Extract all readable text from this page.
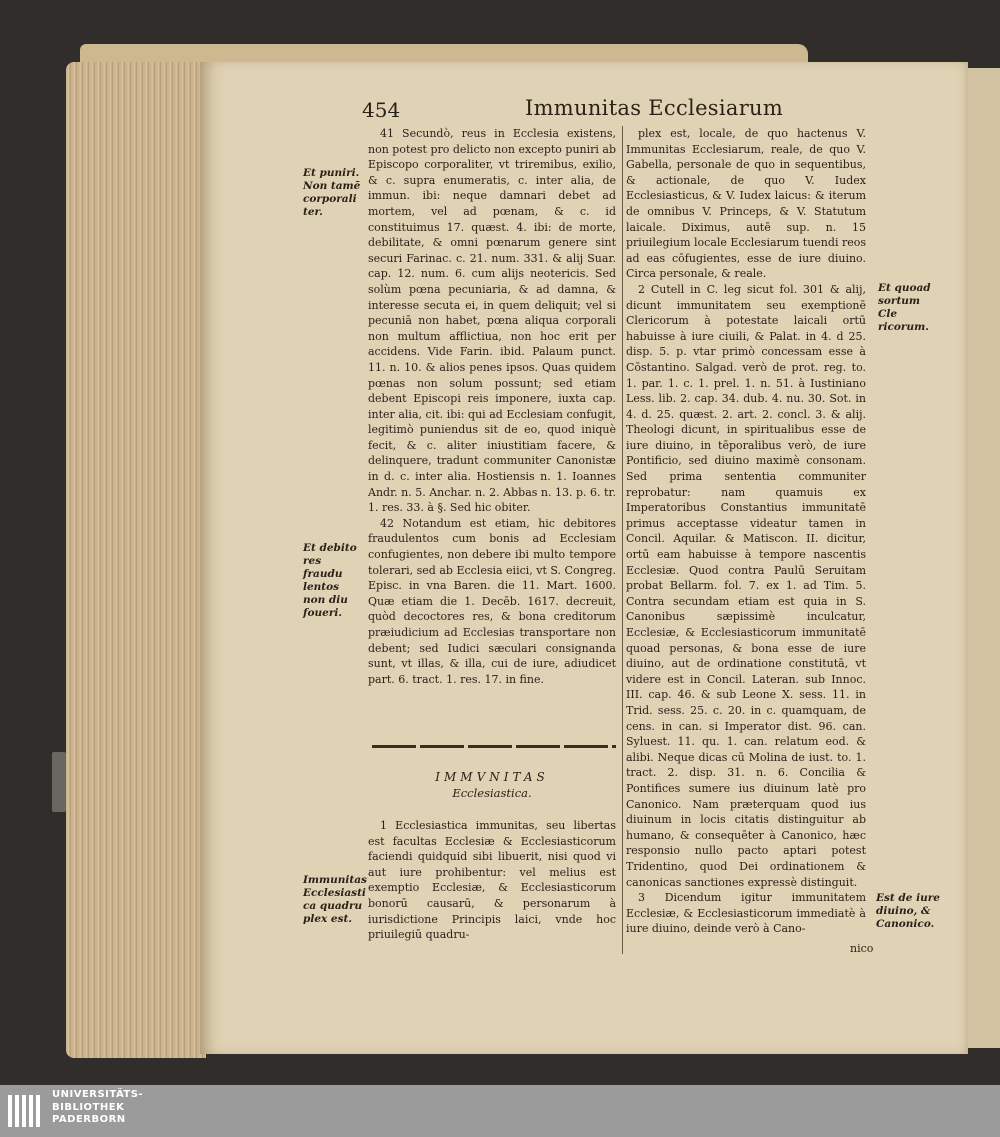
454	Immunitas Ecclesiarum
Et puniri. Non tamē corporali ter.
Et debito res fraudu lentos non diu foueri.
Immunitas Ecclesiasti ca quadru plex est.
Et quoad sortum Cle ricorum.
Est de iure diuino, & Canonico.

41 Secundò, reus in Ecclesia existens, non potest pro delicto non excepto puniri ab Episcopo corporaliter, vt triremibus, exilio, & c. supra enumeratis, c. inter alia, de immun. ibi: neque damnari debet ad mortem, vel ad pœnam, & c. id constituimus 17. quæst. 4. ibi: de morte, debilitate, & omni pœnarum genere sint securi Farinac. c. 21. num. 331. & alij Suar. cap. 12. num. 6. cum alijs neotericis. Sed solùm pœna pecuniaria, & ad damna, & interesse secuta ei, in quem deliquit; vel si pecuniā non habet, pœna aliqua corporali non multum afflictiua, non hoc erit per accidens. Vide Farin. ibid. Palaum punct. 11. n. 10. & alios penes ipsos. Quas quidem pœnas non solum possunt; sed etiam debent Episcopi reis imponere, iuxta cap. inter alia, cit. ibi: qui ad Ecclesiam confugit, legitimò puniendus sit de eo, quod iniquè fecit, & c. aliter iniustitiam facere, & delinquere, tradunt communiter Canonistæ in d. c. inter alia. Hostiensis n. 1. Ioannes Andr. n. 5. Anchar. n. 2. Abbas n. 13. p. 6. tr. 1. res. 33. à §. Sed hic obiter.

42 Notandum est etiam, hic debitores fraudulentos cum bonis ad Ecclesiam confugientes, non debere ibi multo tempore tolerari, sed ab Ecclesia eiici, vt S. Congreg. Episc. in vna Baren. die 11. Mart. 1600. Quæ etiam die 1. Decēb. 1617. decreuit, quòd decoctores res, & bona creditorum præiudicium ad Ecclesias transportare non debent; sed Iudici sæculari consignanda sunt, vt illas, & illa, cui de iure, adiudicet part. 6. tract. 1. res. 17. in fine.

IMMVNITAS
Ecclesiastica.

1 Ecclesiastica immunitas, seu libertas est facultas Ecclesiæ & Ecclesiasticorum faciendi quidquid sibi libuerit, nisi quod vi aut iure prohibentur: vel melius est exemptio Ecclesiæ, & Ecclesiasticorum bonorū causarū, & personarum à iurisdictione Principis laici, vnde hoc priuilegiū quadru-

plex est, locale, de quo hactenus V. Immunitas Ecclesiarum, reale, de quo V. Gabella, personale de quo in sequentibus, & actionale, de quo V. Iudex Ecclesiasticus, & V. Iudex laicus: & iterum de omnibus V. Princeps, & V. Statutum laicale. Diximus, autē sup. n. 15 priuilegium locale Ecclesiarum tuendi reos ad eas cōfugientes, esse de iure diuino. Circa personale, & reale.

2 Cutell in C. leg sicut fol. 301 & alij, dicunt immunitatem seu exemptionē Clericorum à potestate laicali ortū habuisse à iure ciuili, & Palat. in 4. d 25. disp. 5. p. vtar primò concessam esse à Cōstantino. Salgad. verò de prot. reg. to. 1. par. 1. c. 1. prel. 1. n. 51. à Iustiniano Less. lib. 2. cap. 34. dub. 4. nu. 30. Sot. in 4. d. 25. quæst. 2. art. 2. concl. 3. & alij. Theologi dicunt, in spiritualibus esse de iure diuino, in tēporalibus verò, de iure Pontificio, sed diuino maximè consonam. Sed prima sententia communiter reprobatur: nam quamuis ex Imperatoribus Constantius immunitatē primus acceptasse videatur tamen in Concil. Aquilar. & Matiscon. II. dicitur, ortū eam habuisse à tempore nascentis Ecclesiæ. Quod contra Paulū Seruitam probat Bellarm. fol. 7. ex 1. ad Tim. 5. Contra secundam etiam est quia in S. Canonibus sæpissimè inculcatur, Ecclesiæ, & Ecclesiasticorum immunitatē quoad personas, & bona esse de iure diuino, aut de ordinatione constitutā, vt videre est in Concil. Lateran. sub Innoc. III. cap. 46. & sub Leone X. sess. 11. in Trid. sess. 25. c. 20. in c. quamquam, de cens. in can. si Imperator dist. 96. can. Syluest. 11. qu. 1. can. relatum eod. & alibi. Neque dicas cū Molina de iust. to. 1. tract. 2. disp. 31. n. 6. Concilia & Pontifices sumere ius diuinum latè pro Canonico. Nam præterquam quod ius diuinum in locis citatis distinguitur ab humano, & consequēter à Canonico, hæc responsio nullo pacto aptari potest Tridentino, quod Dei ordinationem & canonicas sanctiones expressè distinguit.

3 Dicendum igitur immunitatem Ecclesiæ, & Ecclesiasticorum immediatè à iure diuino, deinde verò à Cano-

nico
UNIVERSITÄTS-
BIBLIOTHEK
PADERBORN
